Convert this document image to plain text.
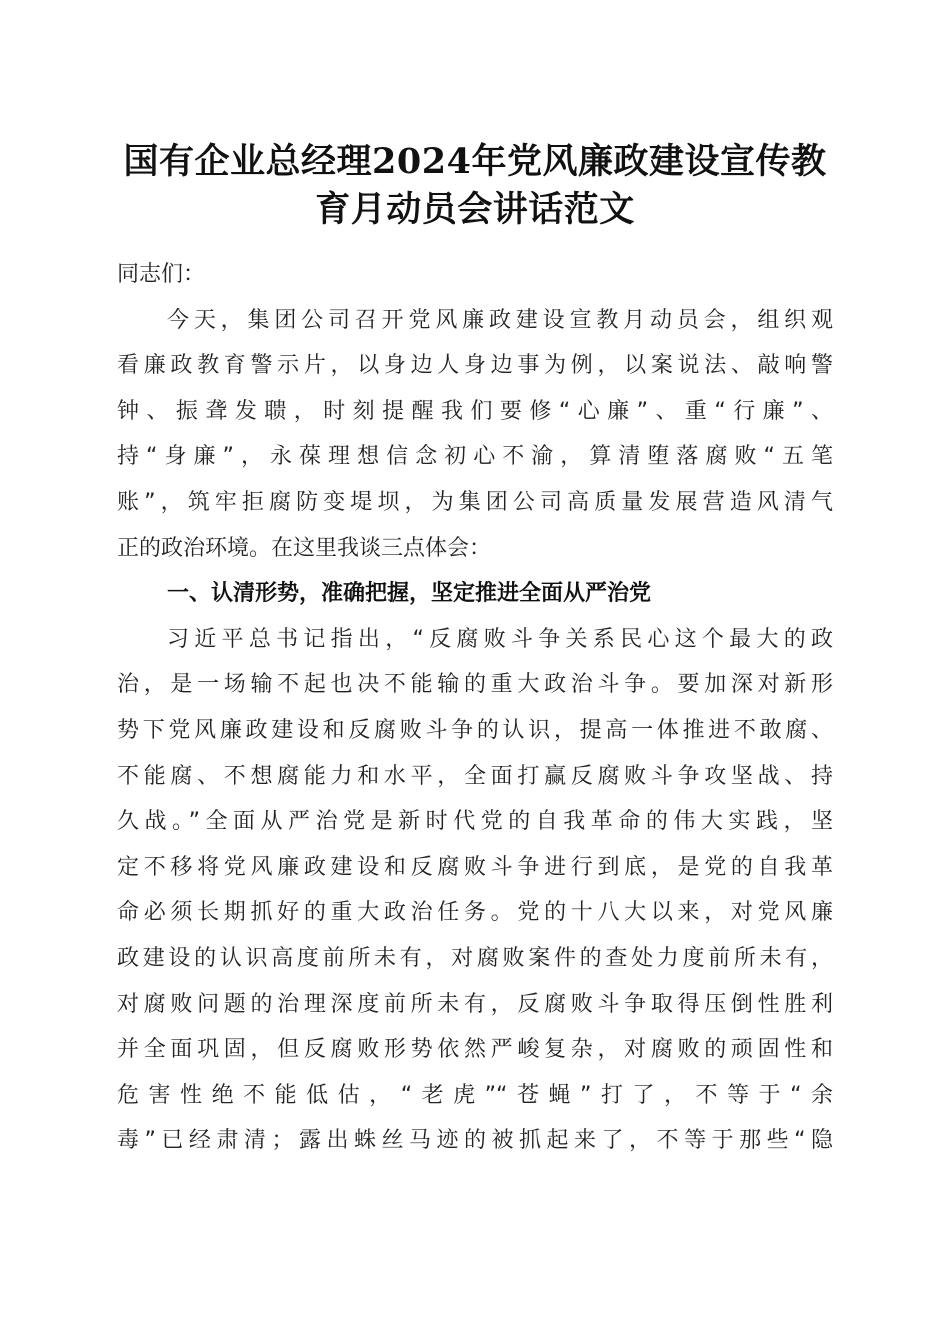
国有企业总经理2024年党风廉政建设宣传教
育月动员会讲话范文
同志们：
今天，集团公司召开党风廉政建设宣教月动员会，组织观
看廉政教育警示片，以身边人身边事为例，以案说法、敲响警
钟、振聋发聩，时刻提醒我们要修“心廉”、重“行廉”、
持“身廉”，永葆理想信念初心不渝，算清堕落腐败“五笔
账”，筑牢拒腐防变堤坝，为集团公司高质量发展营造风清气
正的政治环境。在这里我谈三点体会：
一、认清形势，准确把握，坚定推进全面从严治党
习近平总书记指出，“反腐败斗争关系民心这个最大的政
治，是一场输不起也决不能输的重大政治斗争。要加深对新形
势下党风廉政建设和反腐败斗争的认识，提高一体推进不敢腐、
不能腐、不想腐能力和水平，全面打赢反腐败斗争攻坚战、持
久战。”全面从严治党是新时代党的自我革命的伟大实践，坚
定不移将党风廉政建设和反腐败斗争进行到底，是党的自我革
命必须长期抓好的重大政治任务。党的十八大以来，对党风廉
政建设的认识高度前所未有，对腐败案件的查处力度前所未有，
对腐败问题的治理深度前所未有，反腐败斗争取得压倒性胜利
并全面巩固，但反腐败形势依然严峻复杂，对腐败的顽固性和
危害性绝不能低估，“老虎”“苍蝇”打了，不等于“余
毒”已经肃清；露出蛛丝马迹的被抓起来了，不等于那些“隐
